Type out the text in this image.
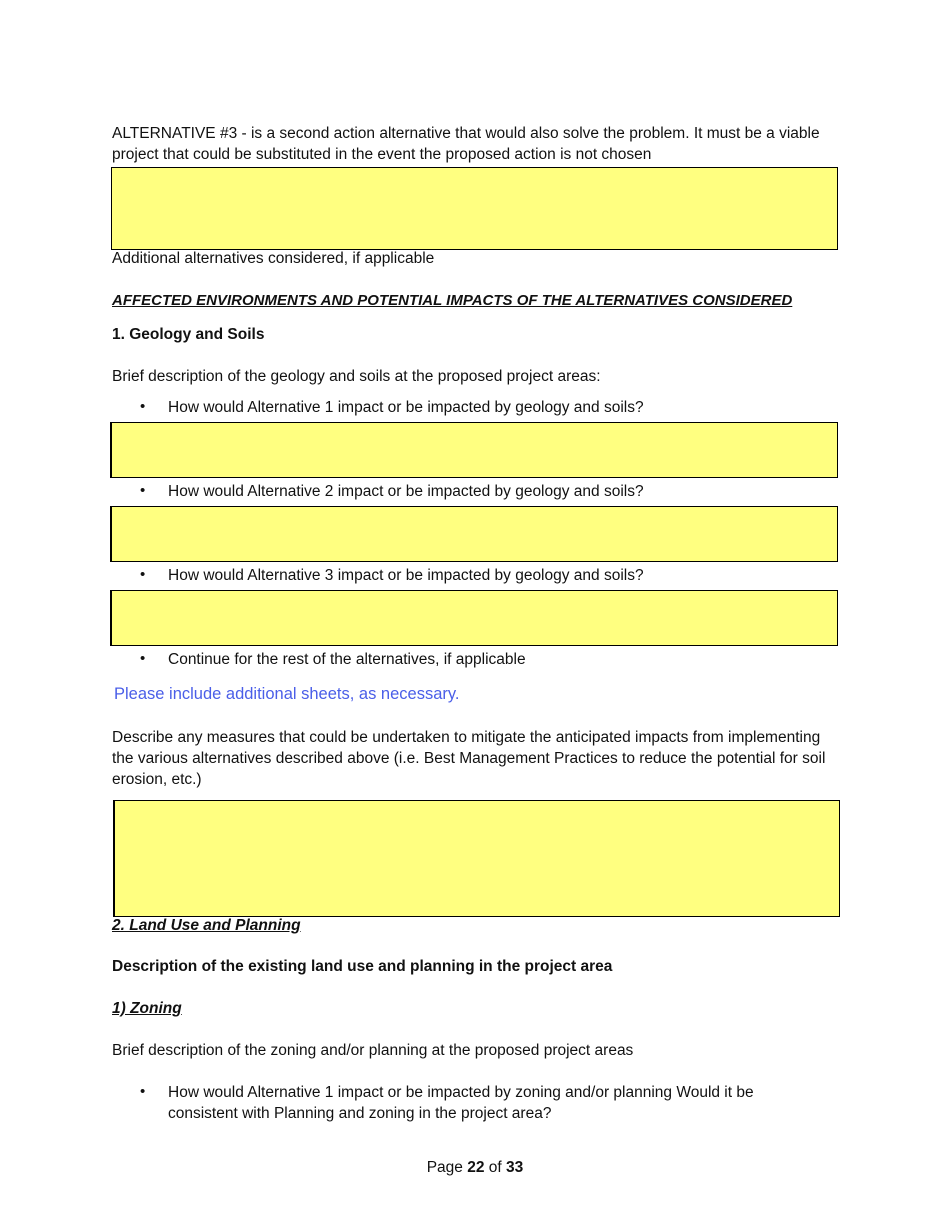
ALTERNATIVE #3 - is a second action alternative that would also solve the problem. It must be a viable project that could be substituted in the event the proposed action is not chosen
Additional alternatives considered, if applicable
AFFECTED ENVIRONMENTS AND POTENTIAL IMPACTS OF THE ALTERNATIVES CONSIDERED
1. Geology and Soils
Brief description of the geology and soils at the proposed project areas:
•	How would Alternative 1 impact or be impacted by geology and soils?
•	How would Alternative 2 impact or be impacted by geology and soils?
•	How would Alternative 3 impact or be impacted by geology and soils?
•	Continue for the rest of the alternatives, if applicable
Please include additional sheets, as necessary.
Describe any measures that could be undertaken to mitigate the anticipated impacts from implementing the various alternatives described above (i.e. Best Management Practices to reduce the potential for soil erosion, etc.)
2. Land Use and Planning
Description of the existing land use and planning in the project area
1) Zoning
Brief description of the zoning and/or planning at the proposed project areas
•	How would Alternative 1 impact or be impacted by zoning and/or planning Would it be consistent with Planning and zoning in the project area?
Page 22 of 33
